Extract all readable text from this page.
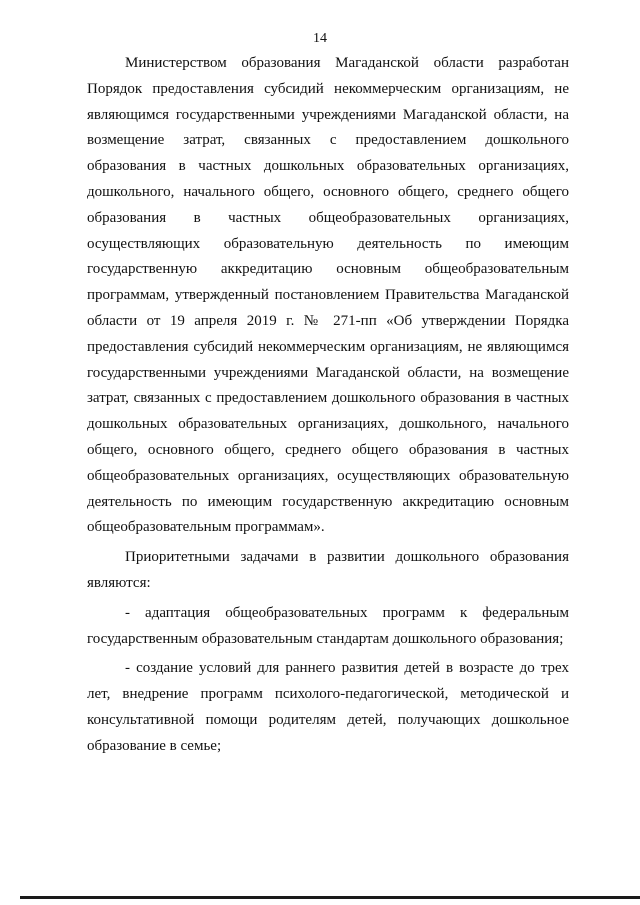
14

Министерством образования Магаданской области разработан Порядок предоставления субсидий некоммерческим организациям, не являющимся государственными учреждениями Магаданской области, на возмещение затрат, связанных с предоставлением дошкольного образования в частных дошкольных образовательных организациях, дошкольного, начального общего, основного общего, среднего общего образования в частных общеобразовательных организациях, осуществляющих образовательную деятельность по имеющим государственную аккредитацию основным общеобразовательным программам, утвержденный постановлением Правительства Магаданской области от 19 апреля 2019 г. № 271-пп «Об утверждении Порядка предоставления субсидий некоммерческим организациям, не являющимся государственными учреждениями Магаданской области, на возмещение затрат, связанных с предоставлением дошкольного образования в частных дошкольных образовательных организациях, дошкольного, начального общего, основного общего, среднего общего образования в частных общеобразовательных организациях, осуществляющих образовательную деятельность по имеющим государственную аккредитацию основным общеобразовательным программам».

Приоритетными задачами в развитии дошкольного образования являются:

- адаптация общеобразовательных программ к федеральным государственным образовательным стандартам дошкольного образования;

- создание условий для раннего развития детей в возрасте до трех лет, внедрение программ психолого-педагогической, методической и консультативной помощи родителям детей, получающих дошкольное образование в семье;
